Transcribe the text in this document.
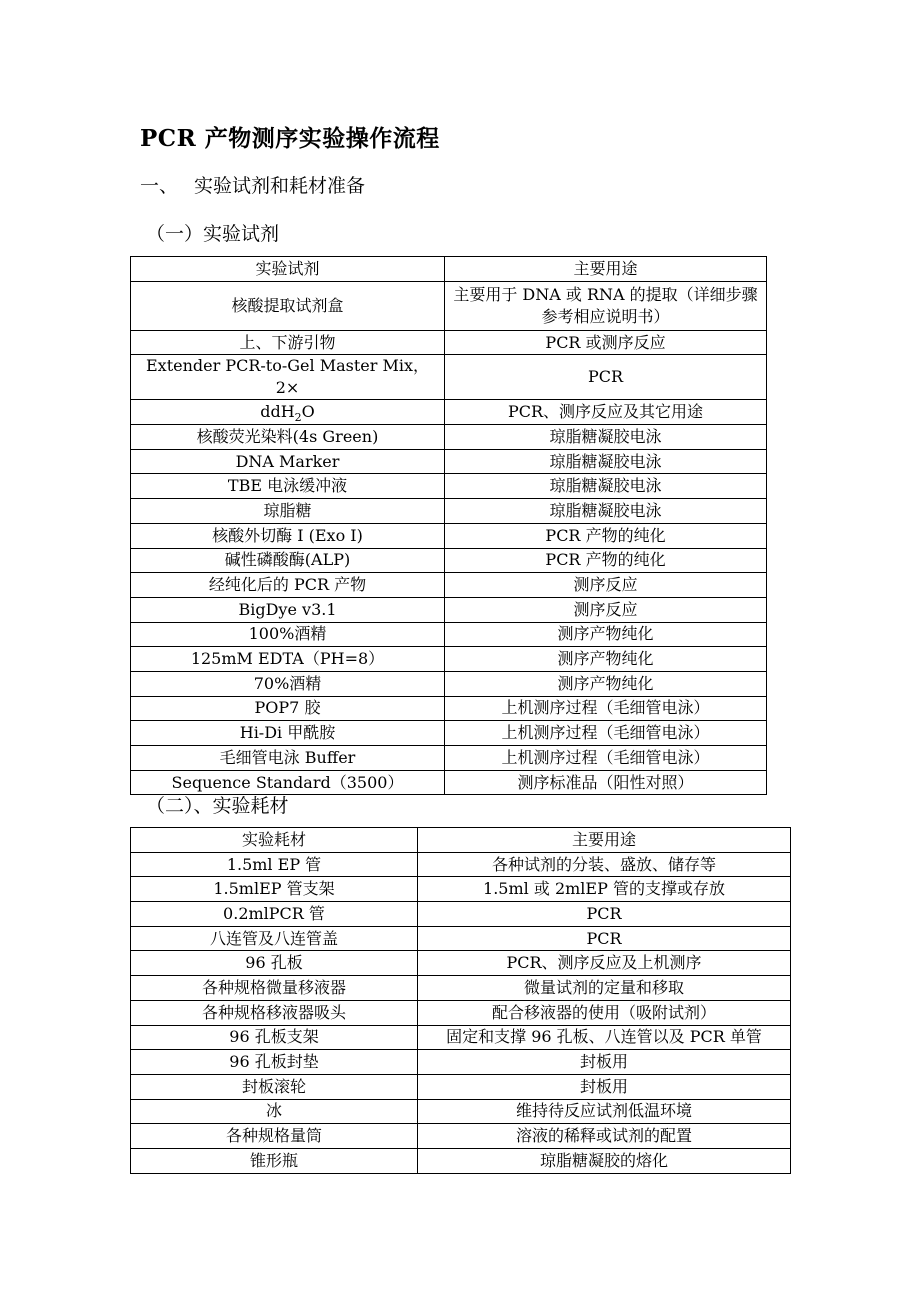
PCR 产物测序实验操作流程
一、 实验试剂和耗材准备
（一）实验试剂
实验试剂	主要用途
核酸提取试剂盒	主要用于 DNA 或 RNA 的提取（详细步骤参考相应说明书）
上、下游引物	PCR 或测序反应
Extender PCR-to-Gel Master Mix，2×	PCR
ddH$_2$O	PCR、测序反应及其它用途
核酸荧光染料(4s Green)	琼脂糖凝胶电泳
DNA Marker	琼脂糖凝胶电泳
TBE 电泳缓冲液	琼脂糖凝胶电泳
琼脂糖	琼脂糖凝胶电泳
核酸外切酶 I (Exo I)	PCR 产物的纯化
碱性磷酸酶(ALP)	PCR 产物的纯化
经纯化后的 PCR 产物	测序反应
BigDye v3.1	测序反应
100%酒精	测序产物纯化
125mM EDTA（PH=8）	测序产物纯化
70%酒精	测序产物纯化
POP7 胶	上机测序过程（毛细管电泳）
Hi-Di 甲酰胺	上机测序过程（毛细管电泳）
毛细管电泳 Buffer	上机测序过程（毛细管电泳）
Sequence Standard（3500）	测序标准品（阳性对照）
（二）、实验耗材
实验耗材	主要用途
1.5ml EP 管	各种试剂的分装、盛放、储存等
1.5mlEP 管支架	1.5ml 或 2mlEP 管的支撑或存放
0.2mlPCR 管	PCR
八连管及八连管盖	PCR
96 孔板	PCR、测序反应及上机测序
各种规格微量移液器	微量试剂的定量和移取
各种规格移液器吸头	配合移液器的使用（吸附试剂）
96 孔板支架	固定和支撑 96 孔板、八连管以及 PCR 单管
96 孔板封垫	封板用
封板滚轮	封板用
冰	维持待反应试剂低温环境
各种规格量筒	溶液的稀释或试剂的配置
锥形瓶	琼脂糖凝胶的熔化
